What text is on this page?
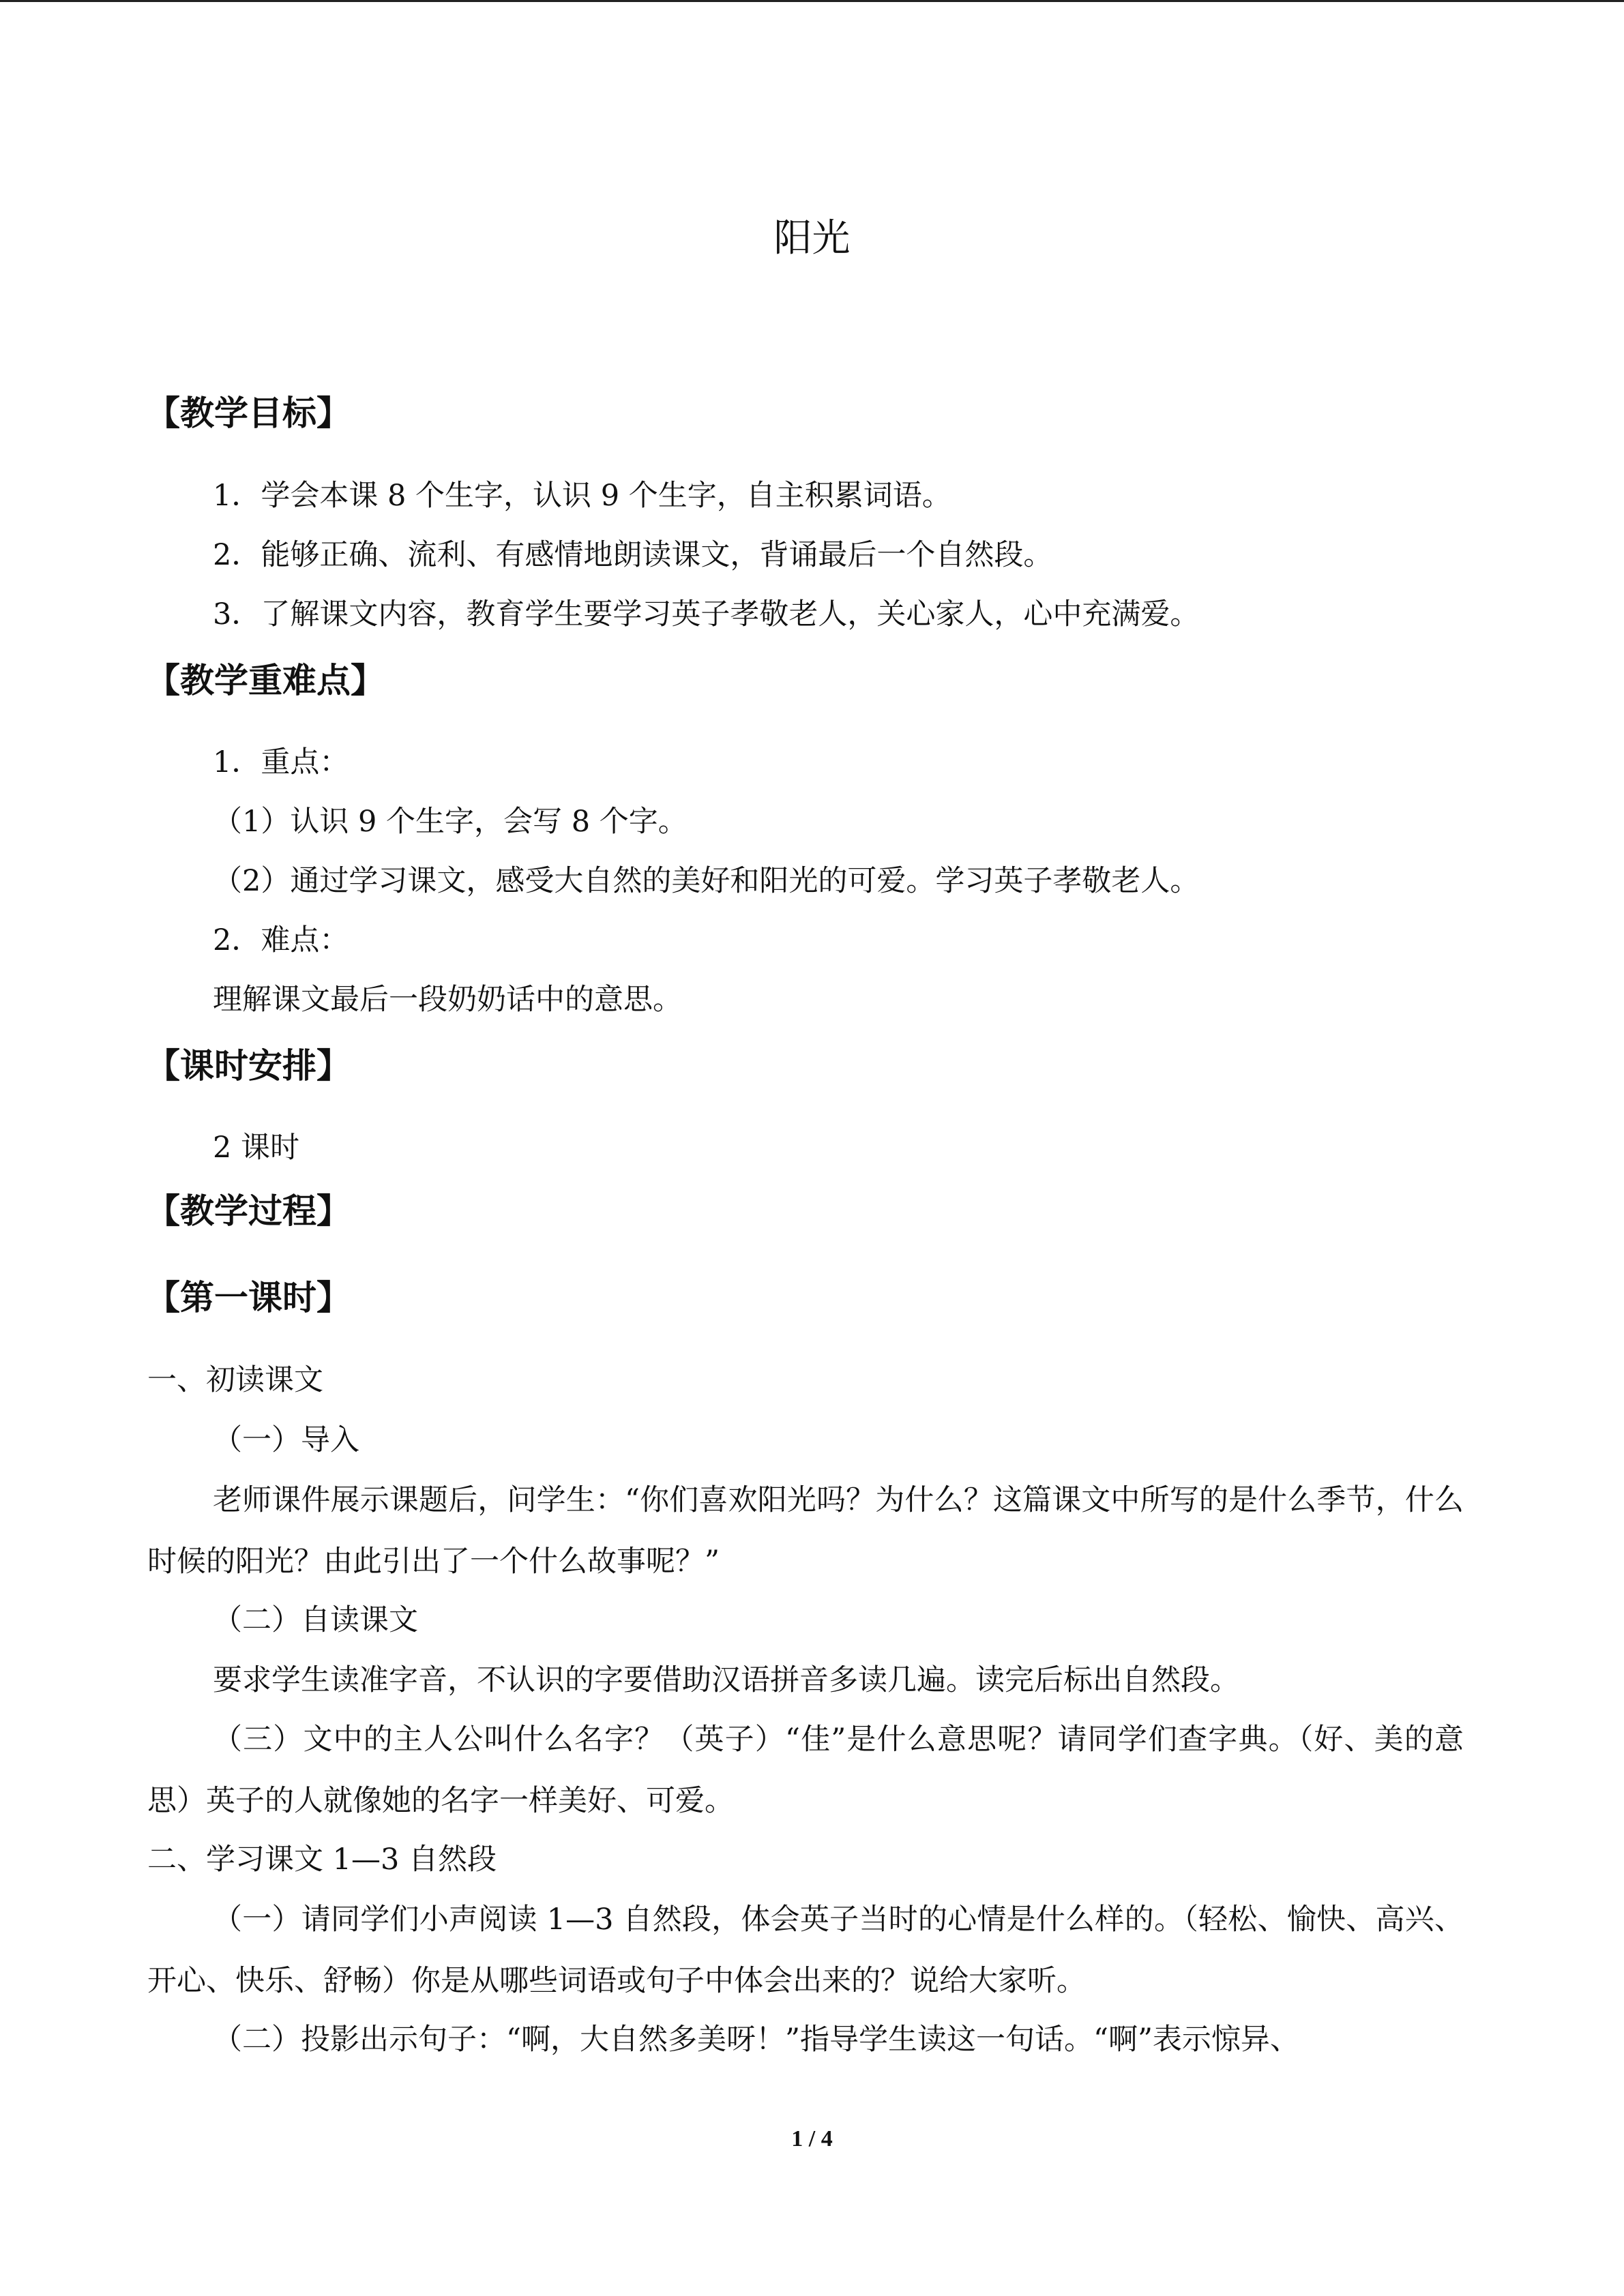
阳光
【教学目标】
1．学会本课 8 个生字，认识 9 个生字，自主积累词语。
2．能够正确、流利、有感情地朗读课文，背诵最后一个自然段。
3．了解课文内容，教育学生要学习英子孝敬老人，关心家人，心中充满爱。
【教学重难点】
1．重点：
（1）认识 9 个生字，会写 8 个字。
（2）通过学习课文，感受大自然的美好和阳光的可爱。学习英子孝敬老人。
2．难点：
理解课文最后一段奶奶话中的意思。
【课时安排】
2 课时
【教学过程】
【第一课时】
一、初读课文
（一）导入
老师课件展示课题后，问学生：“你们喜欢阳光吗？为什么？这篇课文中所写的是什么季节，什么时候的阳光？由此引出了一个什么故事呢？”
（二）自读课文
要求学生读准字音，不认识的字要借助汉语拼音多读几遍。读完后标出自然段。
（三）文中的主人公叫什么名字？（英子）“佳”是什么意思呢？请同学们查字典。（好、美的意思）英子的人就像她的名字一样美好、可爱。
二、学习课文 1—3 自然段
（一）请同学们小声阅读 1—3 自然段，体会英子当时的心情是什么样的。（轻松、愉快、高兴、开心、快乐、舒畅）你是从哪些词语或句子中体会出来的？说给大家听。
（二）投影出示句子：“啊，大自然多美呀！”指导学生读这一句话。“啊”表示惊异、
1 / 4
